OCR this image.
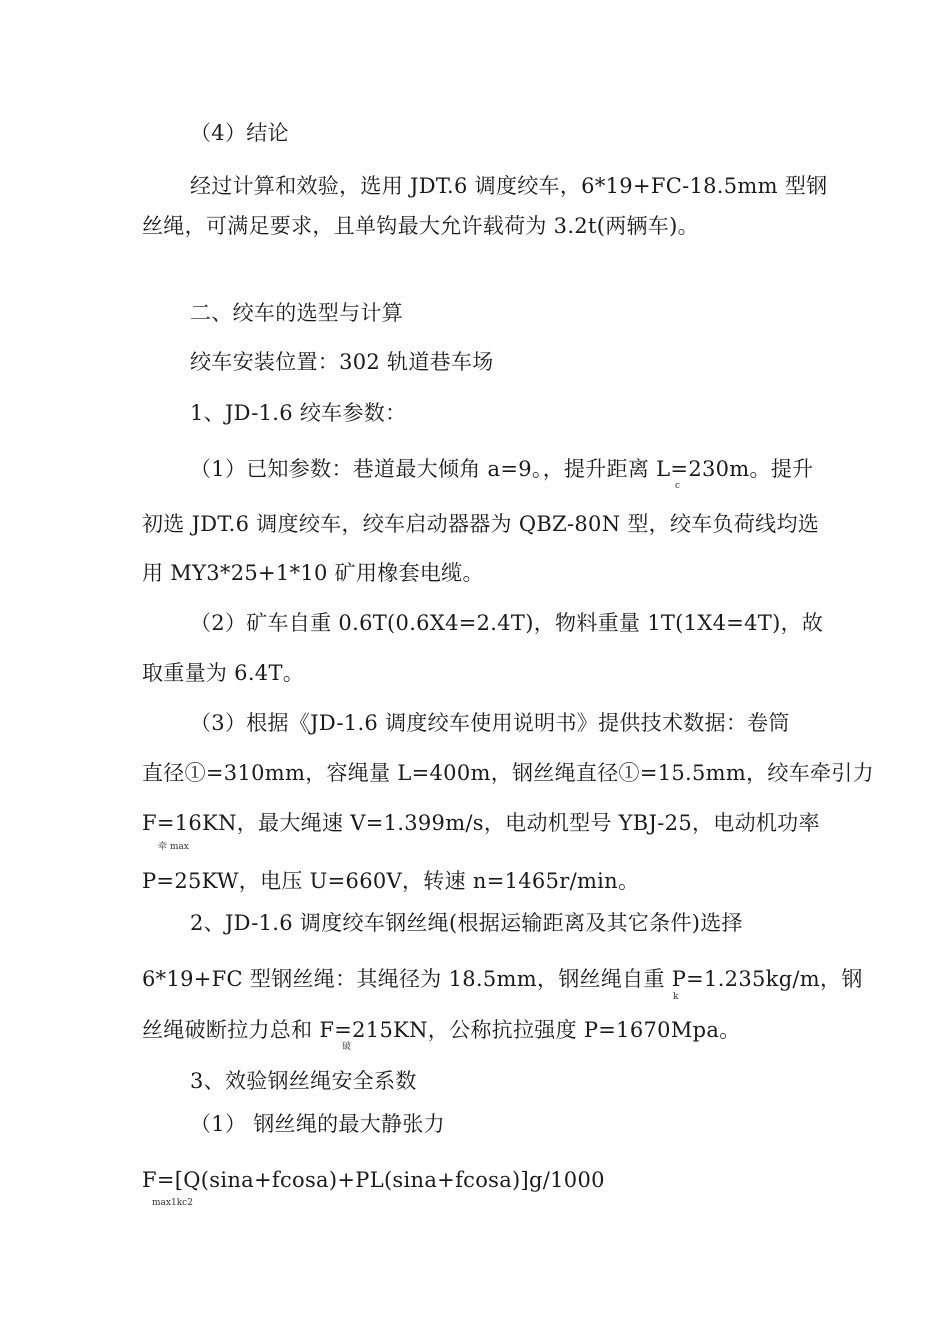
（4）结论
经过计算和效验，选用 JDT.6 调度绞车，6*19+FC-18.5mm 型钢
丝绳，可满足要求，且单钩最大允许载荷为 3.2t(两辆车)。
二、绞车的选型与计算
绞车安装位置：302 轨道巷车场
1、JD-1.6 绞车参数：
（1）已知参数：巷道最大倾角 a=9。，提升距离 L=230m。提升
c
初选 JDT.6 调度绞车，绞车启动器器为 QBZ-80N 型，绞车负荷线均选
用 MY3*25+1*10 矿用橡套电缆。
（2）矿车自重 0.6T(0.6X4=2.4T)，物料重量 1T(1X4=4T)，故
取重量为 6.4T。
（3）根据《JD-1.6 调度绞车使用说明书》提供技术数据：卷筒
直径①=310mm，容绳量 L=400m，钢丝绳直径①=15.5mm，绞车牵引力
F=16KN，最大绳速 V=1.399m/s，电动机型号 YBJ-25，电动机功率
牵 max
P=25KW，电压 U=660V，转速 n=1465r/min。
2、JD-1.6 调度绞车钢丝绳(根据运输距离及其它条件)选择
6*19+FC 型钢丝绳：其绳径为 18.5mm，钢丝绳自重 P=1.235kg/m，钢
k
丝绳破断拉力总和 F=215KN，公称抗拉强度 P=1670Mpa。
破
3、效验钢丝绳安全系数
（1） 钢丝绳的最大静张力
F=[Q(sina+fcosa)+PL(sina+fcosa)]g/1000
max1kc2
